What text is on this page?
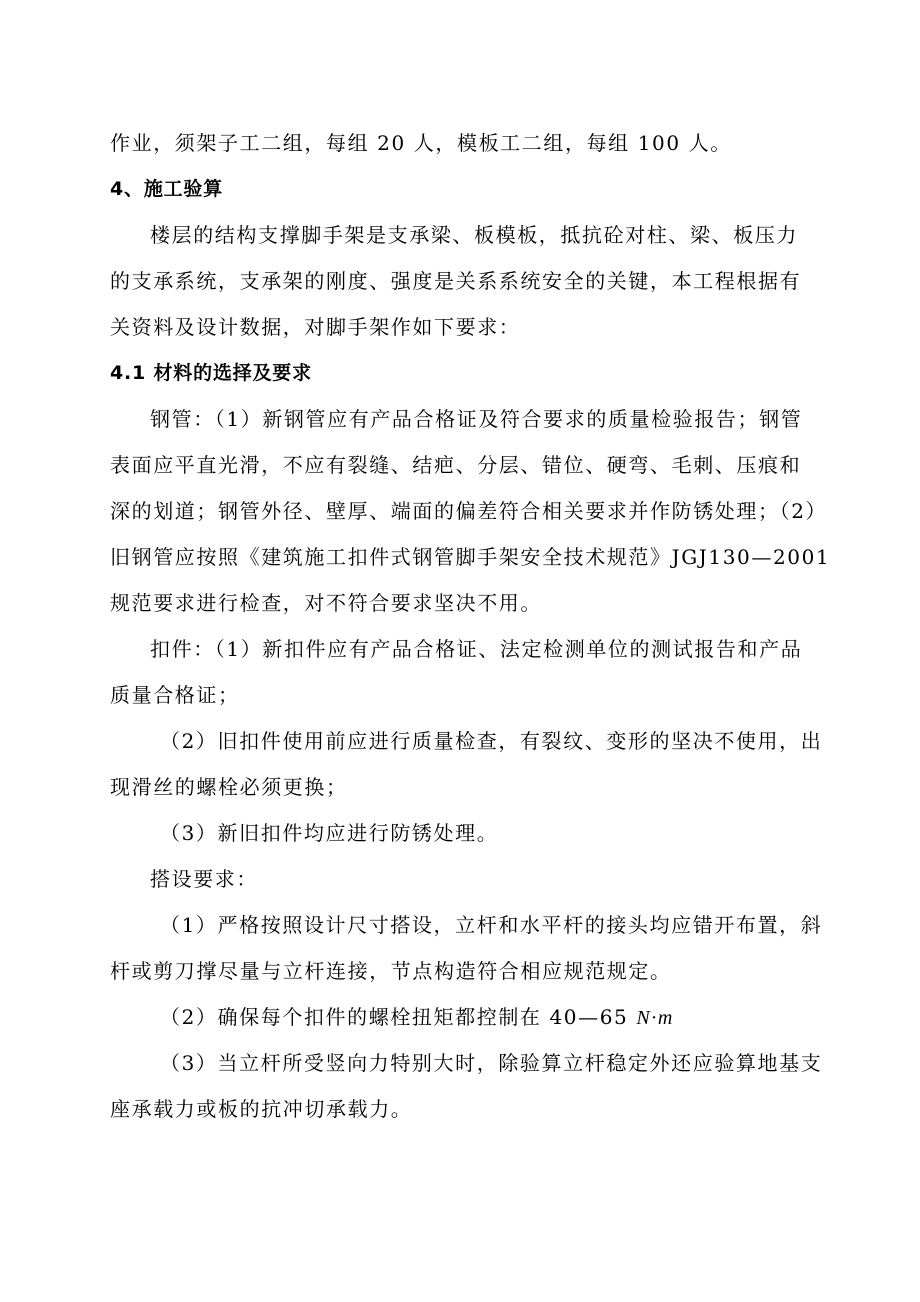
作业，须架子工二组，每组 20 人，模板工二组，每组 100 人。
4、施工验算
楼层的结构支撑脚手架是支承梁、板模板，抵抗砼对柱、梁、板压力
的支承系统，支承架的刚度、强度是关系系统安全的关键，本工程根据有
关资料及设计数据，对脚手架作如下要求：
4.1 材料的选择及要求
钢管：（1）新钢管应有产品合格证及符合要求的质量检验报告；钢管
表面应平直光滑，不应有裂缝、结疤、分层、错位、硬弯、毛刺、压痕和
深的划道；钢管外径、壁厚、端面的偏差符合相关要求并作防锈处理；（2）
旧钢管应按照《建筑施工扣件式钢管脚手架安全技术规范》JGJ130—2001
规范要求进行检查，对不符合要求坚决不用。
扣件：（1）新扣件应有产品合格证、法定检测单位的测试报告和产品
质量合格证；
（2）旧扣件使用前应进行质量检查，有裂纹、变形的坚决不使用，出
现滑丝的螺栓必须更换；
（3）新旧扣件均应进行防锈处理。
搭设要求：
（1）严格按照设计尺寸搭设，立杆和水平杆的接头均应错开布置，斜
杆或剪刀撑尽量与立杆连接，节点构造符合相应规范规定。
（2）确保每个扣件的螺栓扭矩都控制在 40—65 N·m
（3）当立杆所受竖向力特别大时，除验算立杆稳定外还应验算地基支
座承载力或板的抗冲切承载力。
